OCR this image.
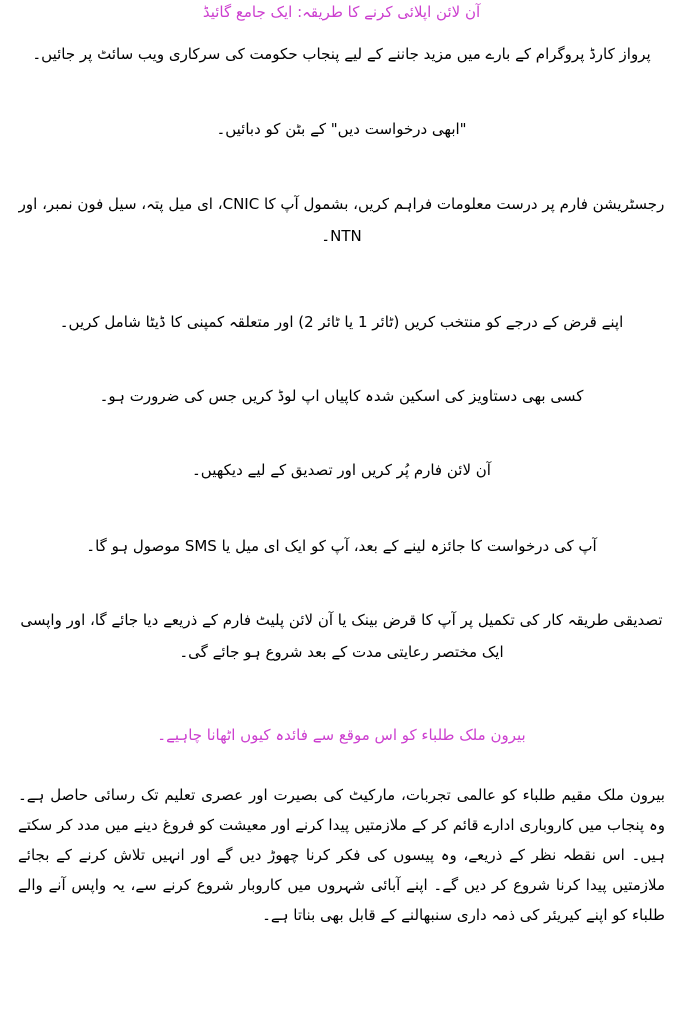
آن لائن اپلائی کرنے کا طریقہ: ایک جامع گائیڈ
پرواز کارڈ پروگرام کے بارے میں مزید جاننے کے لیے پنجاب حکومت کی سرکاری ویب سائٹ پر جائیں۔
"ابھی درخواست دیں" کے بٹن کو دبائیں۔
رجسٹریشن فارم پر درست معلومات فراہم کریں، بشمول آپ کا CNIC، ای میل پتہ، سیل فون نمبر، اور NTN۔
اپنے قرض کے درجے کو منتخب کریں (ٹائر 1 یا ٹائر 2) اور متعلقہ کمپنی کا ڈیٹا شامل کریں۔
کسی بھی دستاویز کی اسکین شدہ کاپیاں اپ لوڈ کریں جس کی ضرورت ہو۔
آن لائن فارم پُر کریں اور تصدیق کے لیے دیکھیں۔
آپ کی درخواست کا جائزہ لینے کے بعد، آپ کو ایک ای میل یا SMS موصول ہو گا۔
تصدیقی طریقہ کار کی تکمیل پر آپ کا قرض بینک یا آن لائن پلیٹ فارم کے ذریعے دیا جائے گا، اور واپسی ایک مختصر رعایتی مدت کے بعد شروع ہو جائے گی۔
بیرون ملک طلباء کو اس موقع سے فائدہ کیوں اٹھانا چاہیے۔
بیرون ملک مقیم طلباء کو عالمی تجربات، مارکیٹ کی بصیرت اور عصری تعلیم تک رسائی حاصل ہے۔ وہ پنجاب میں کاروباری ادارے قائم کر کے ملازمتیں پیدا کرنے اور معیشت کو فروغ دینے میں مدد کر سکتے ہیں۔ اس نقطہ نظر کے ذریعے، وہ پیسوں کی فکر کرنا چھوڑ دیں گے اور انہیں تلاش کرنے کے بجائے ملازمتیں پیدا کرنا شروع کر دیں گے۔ اپنے آبائی شہروں میں کاروبار شروع کرنے سے، یہ واپس آنے والے طلباء کو اپنے کیریئر کی ذمہ داری سنبھالنے کے قابل بھی بناتا ہے۔
